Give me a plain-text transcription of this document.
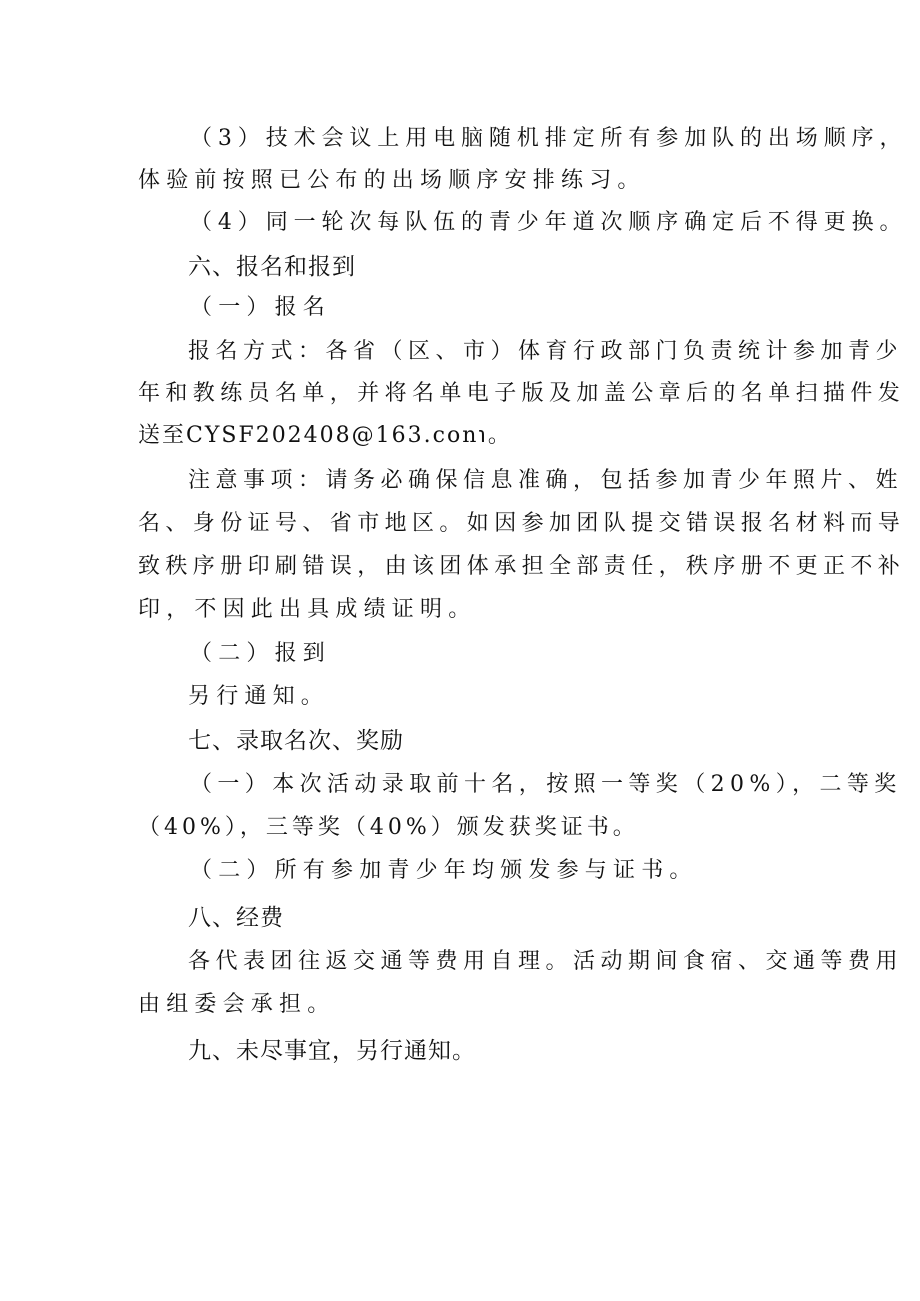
（3）技术会议上用电脑随机排定所有参加队的出场顺序，
体验前按照已公布的出场顺序安排练习。
（4）同一轮次每队伍的青少年道次顺序确定后不得更换。
六、报名和报到
（一）报名
报名方式：各省（区、市）体育行政部门负责统计参加青少
年和教练员名单，并将名单电子版及加盖公章后的名单扫描件发
送至CYSF202408@163.con℩。
注意事项：请务必确保信息准确，包括参加青少年照片、姓
名、身份证号、省市地区。如因参加团队提交错误报名材料而导
致秩序册印刷错误，由该团体承担全部责任，秩序册不更正不补
印，不因此出具成绩证明。
（二）报到
另行通知。
七、录取名次、奖励
（一）本次活动录取前十名，按照一等奖（20%），二等奖
（40%），三等奖（40%）颁发获奖证书。
（二）所有参加青少年均颁发参与证书。
八、经费
各代表团往返交通等费用自理。活动期间食宿、交通等费用
由组委会承担。
九、未尽事宜，另行通知。
